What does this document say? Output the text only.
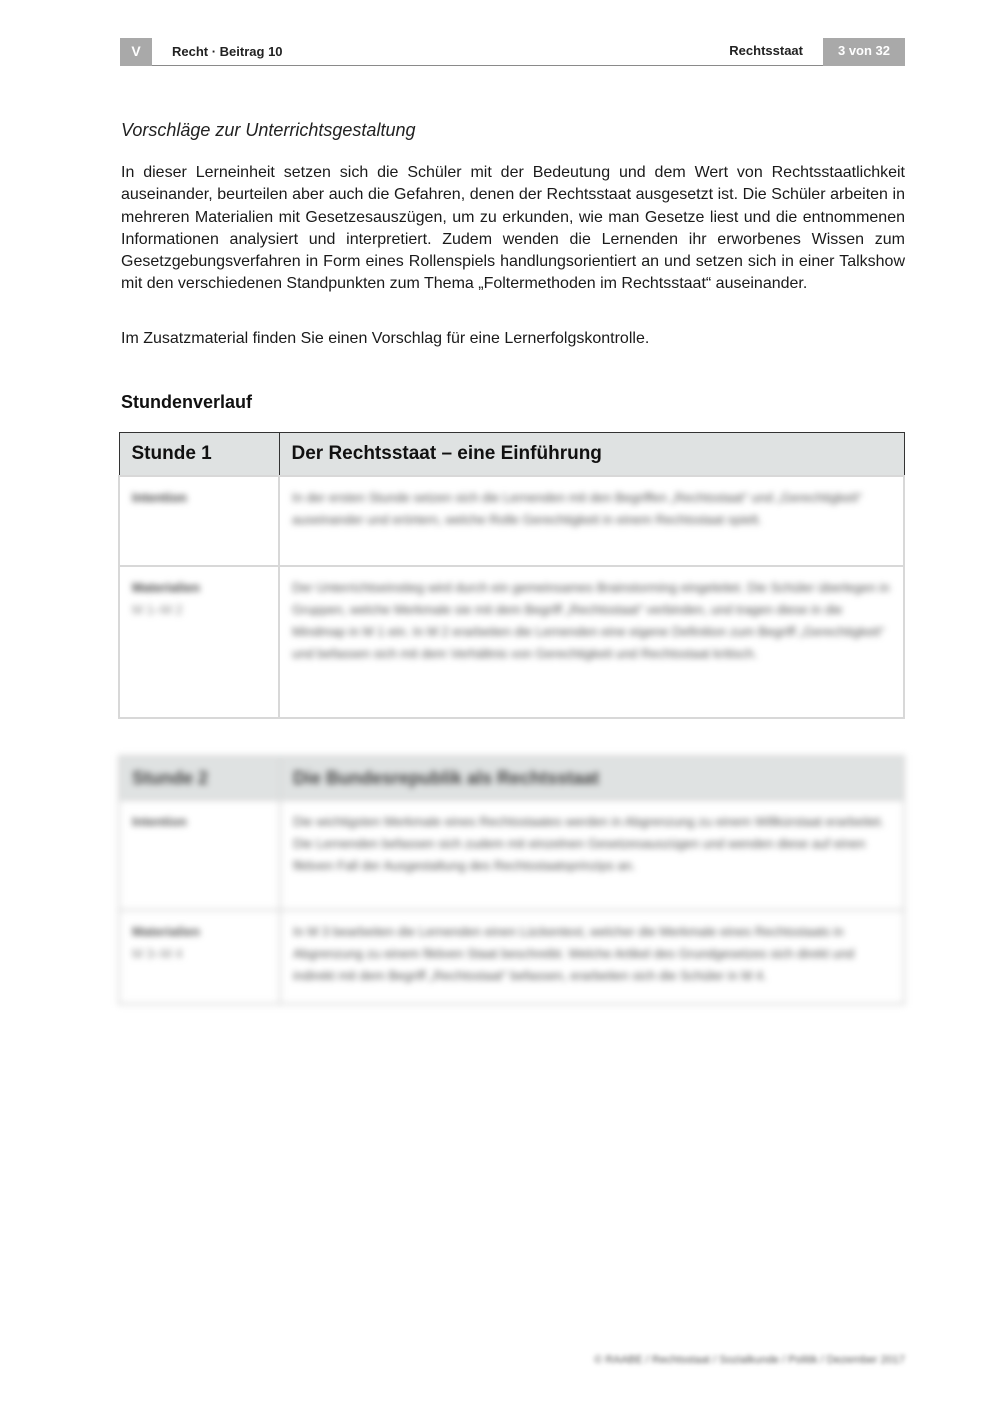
V	Recht · Beitrag 10	Rechtsstaat	3 von 32
Vorschläge zur Unterrichtsgestaltung

In dieser Lerneinheit setzen sich die Schüler mit der Bedeutung und dem Wert von Rechtsstaatlichkeit auseinander, beurteilen aber auch die Gefahren, denen der Rechtsstaat ausgesetzt ist. Die Schüler arbeiten in mehreren Materialien mit Gesetzesauszügen, um zu erkunden, wie man Gesetze liest und die entnommenen Informationen analysiert und interpretiert. Zudem wenden die Lernenden ihr erworbenes Wissen zum Gesetzgebungsverfahren in Form eines Rollenspiels handlungsorientiert an und setzen sich in einer Talkshow mit den verschiedenen Standpunkten zum Thema „Foltermethoden im Rechtsstaat“ auseinander.

Im Zusatzmaterial finden Sie einen Vorschlag für eine Lernerfolgskontrolle.

Stundenverlauf
Stunde 1	Der Rechtsstaat – eine Einführung

Intention	In der ersten Stunde setzen sich die Lernenden mit den Begriffen „Rechtsstaat“ und „Gerechtigkeit“ auseinander und erörtern, welche Rolle Gerechtigkeit in einem Rechtsstaat spielt.

Materialien
M 1–M 2	Der Unterrichtseinstieg wird durch ein gemeinsames Brainstorming eingeleitet. Die Schüler überlegen in Gruppen, welche Merkmale sie mit dem Begriff „Rechtsstaat“ verbinden, und tragen diese in die Mindmap in M 1 ein. In M 2 erarbeiten die Lernenden eine eigene Definition zum Begriff „Gerechtigkeit“ und befassen sich mit dem Verhältnis von Gerechtigkeit und Rechtsstaat kritisch.
Stunde 2	Die Bundesrepublik als Rechtsstaat

Intention	Die wichtigsten Merkmale eines Rechtsstaates werden in Abgrenzung zu einem Willkürstaat erarbeitet. Die Lernenden befassen sich zudem mit einzelnen Gesetzesauszügen und wenden diese auf einen fiktiven Fall der Ausgestaltung des Rechtsstaatsprinzips an.

Materialien
M 3–M 4	In M 3 bearbeiten die Lernenden einen Lückentext, welcher die Merkmale eines Rechtsstaats in Abgrenzung zu einem fiktiven Staat beschreibt. Welche Artikel des Grundgesetzes sich direkt und indirekt mit dem Begriff „Rechtsstaat“ befassen, erarbeiten sich die Schüler in M 4.
© RAABE / Rechtsstaat / Sozialkunde / Politik / Dezember 2017
